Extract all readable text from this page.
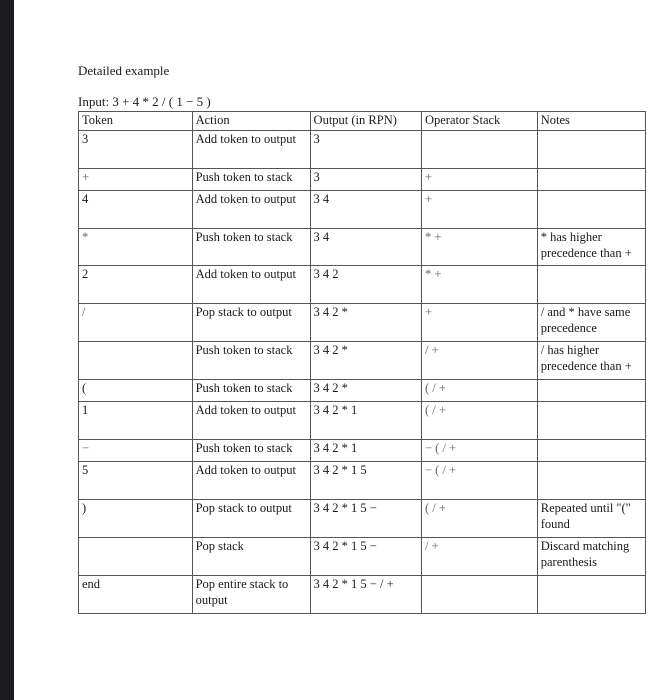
Detailed example
Input: 3 + 4 * 2 / ( 1 − 5 )
Token	Action	Output (in RPN)	Operator Stack	Notes
3	Add token to output	3		
+	Push token to stack	3	+	
4	Add token to output	3 4	+	
*	Push token to stack	3 4	* +	* has higher precedence than +
2	Add token to output	3 4 2	* +	
/	Pop stack to output	3 4 2 *	+	/ and * have same precedence
	Push token to stack	3 4 2 *	/ +	/ has higher precedence than +
(	Push token to stack	3 4 2 *	( / +	
1	Add token to output	3 4 2 * 1	( / +	
−	Push token to stack	3 4 2 * 1	− ( / +	
5	Add token to output	3 4 2 * 1 5	− ( / +	
)	Pop stack to output	3 4 2 * 1 5 −	( / +	Repeated until "(" found
	Pop stack	3 4 2 * 1 5 −	/ +	Discard matching parenthesis
end	Pop entire stack to output	3 4 2 * 1 5 − / +		
